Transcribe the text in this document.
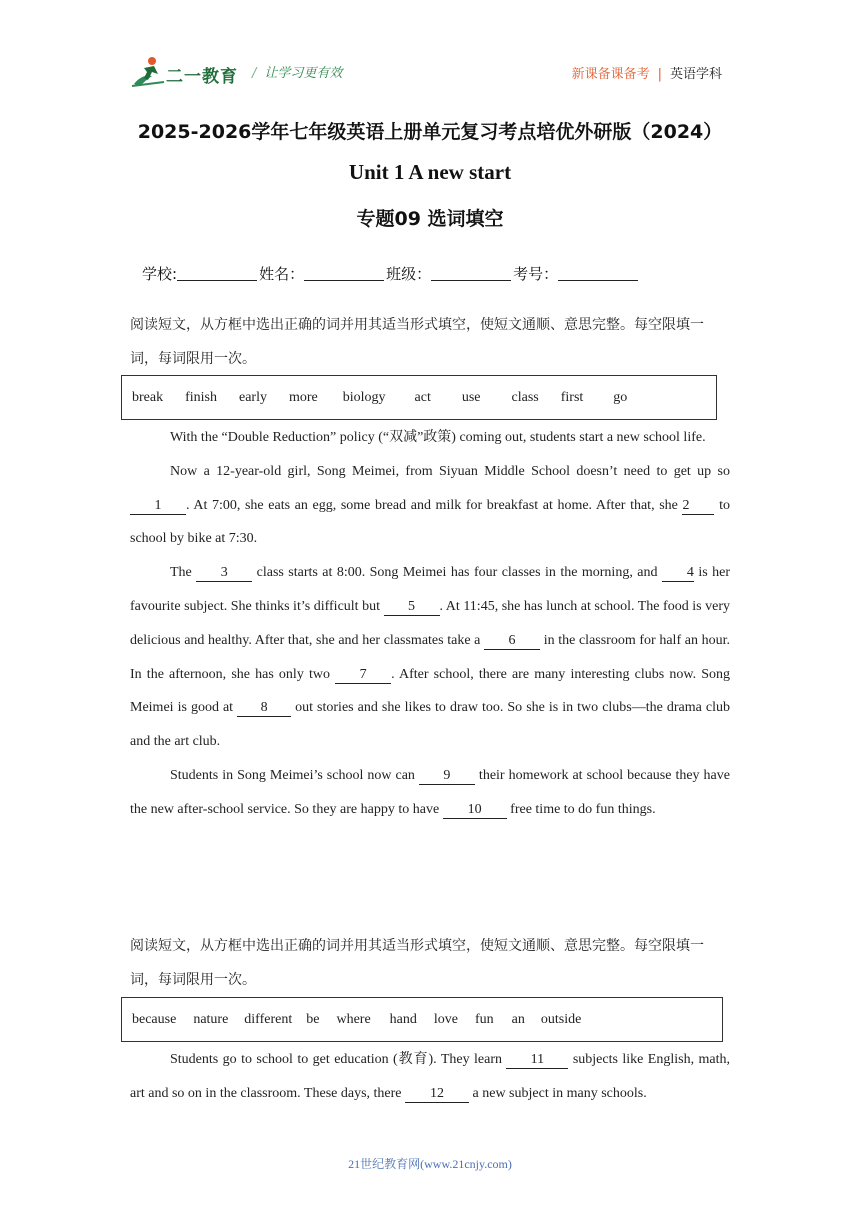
二一教育 / 让学习更有效	新课备课备考 | 英语学科
2025-2026学年七年级英语上册单元复习考点培优外研版（2024）
Unit 1 A new start
专题09 选词填空
学校:	姓名：	班级：	考号：
阅读短文，从方框中选出正确的词并用其适当形式填空，使短文通顺、意思完整。每空限填一词，每词限用一次。
break finish early more biology act use class first go

With the “Double Reduction” policy (“双减”政策) coming out, students start a new school life.

Now a 12-year-old girl, Song Meimei, from Siyuan Middle School doesn’t need to get up so 1 . At 7:00, she eats an egg, some bread and milk for breakfast at home. After that, she 2 to school by bike at 7:30.

The 3 class starts at 8:00. Song Meimei has four classes in the morning, and 4 is her favourite subject. She thinks it’s difficult but 5 . At 11:45, she has lunch at school. The food is very delicious and healthy. After that, she and her classmates take a 6 in the classroom for half an hour. In the afternoon, she has only two 7 . After school, there are many interesting clubs now. Song Meimei is good at 8 out stories and she likes to draw too. So she is in two clubs—the drama club and the art club.

Students in Song Meimei’s school now can 9 their homework at school because they have the new after-school service. So they are happy to have 10 free time to do fun things.

阅读短文，从方框中选出正确的词并用其适当形式填空，使短文通顺、意思完整。每空限填一词，每词限用一次。
because nature different be where hand love fun an outside

Students go to school to get education (教育). They learn 11 subjects like English, math, art and so on in the classroom. These days, there 12 a new subject in many schools.

21世纪教育网(www.21cnjy.com)
